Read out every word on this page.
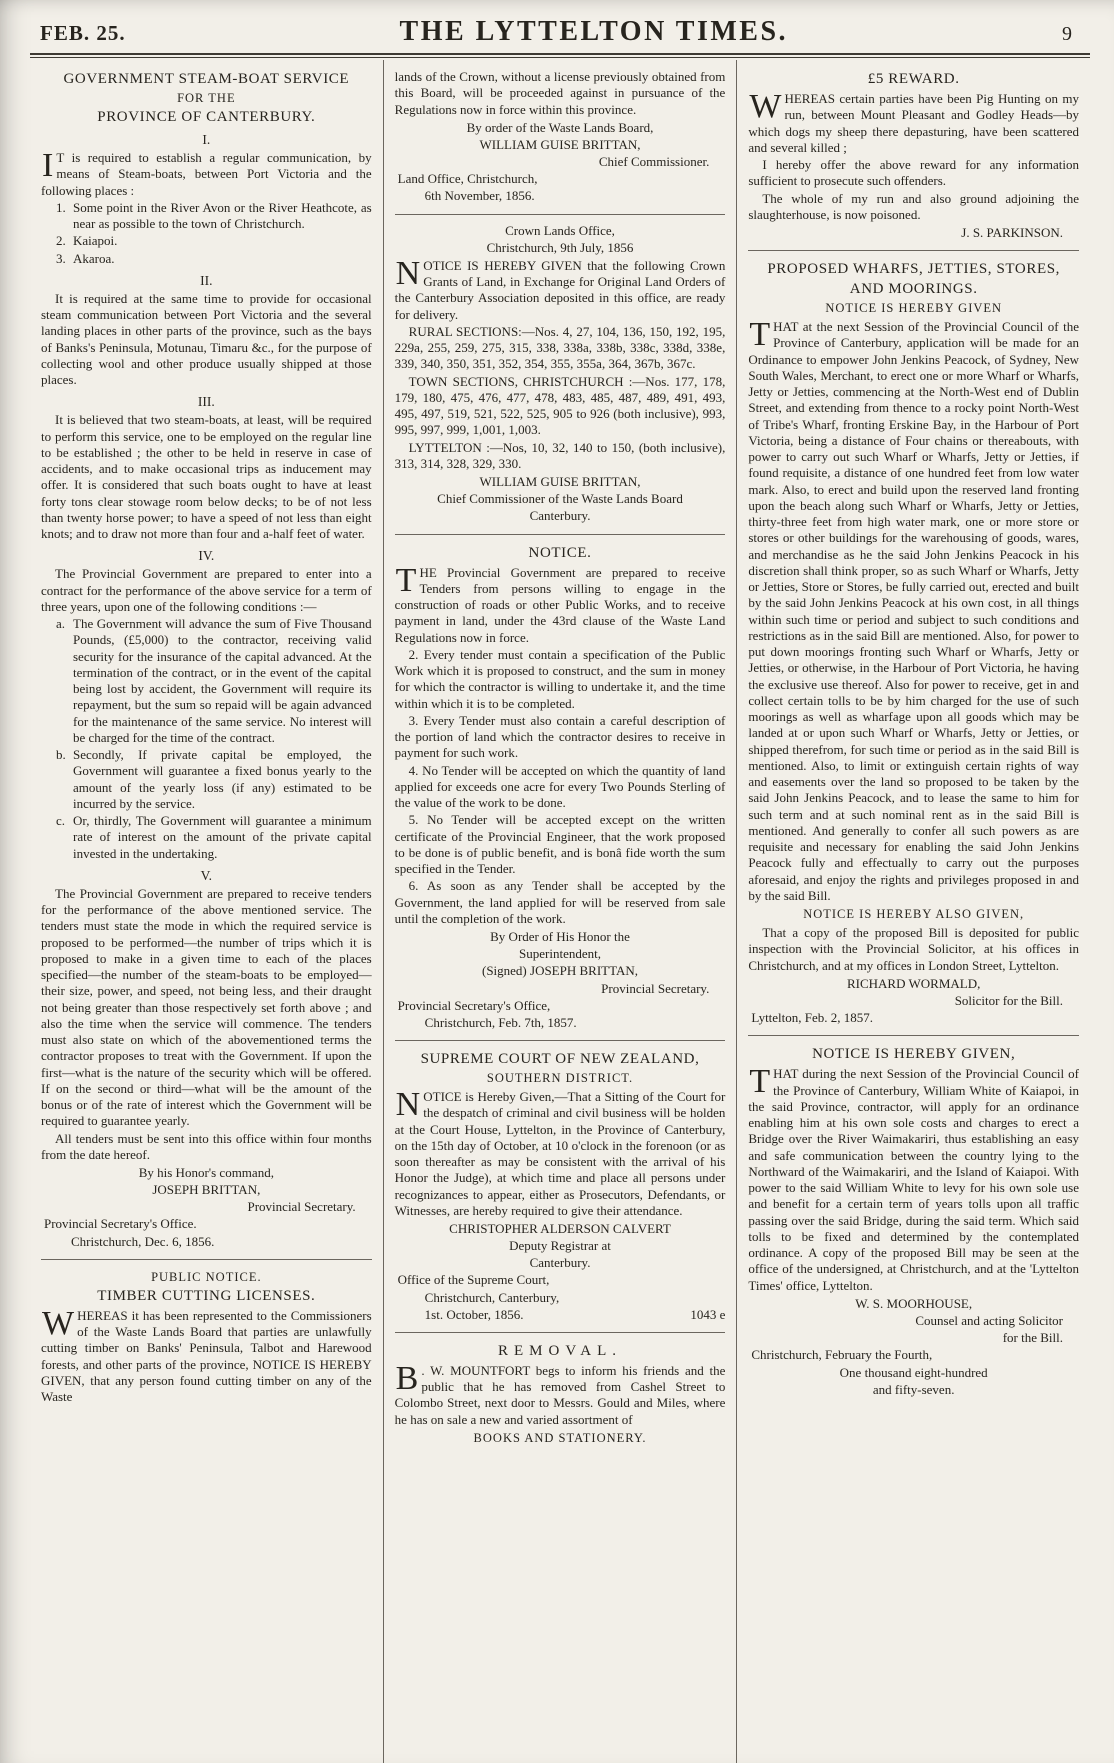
FEB. 25.	THE LYTTELTON TIMES.	9
GOVERNMENT STEAM-BOAT SERVICE
FOR THE
PROVINCE OF CANTERBURY.
I.

I T is required to establish a regular communication, by means of Steam-boats, between Port Victoria and the following places :

1. Some point in the River Avon or the River Heathcote, as near as possible to the town of Christchurch.
2. Kaiapoi.
3. Akaroa.
II.

It is required at the same time to provide for occasional steam communication between Port Victoria and the several landing places in other parts of the province, such as the bays of Banks's Peninsula, Motunau, Timaru &c., for the purpose of collecting wool and other produce usually shipped at those places.

III.

It is believed that two steam-boats, at least, will be required to perform this service, one to be employed on the regular line to be established ; the other to be held in reserve in case of accidents, and to make occasional trips as inducement may offer. It is considered that such boats ought to have at least forty tons clear stowage room below decks; to be of not less than twenty horse power; to have a speed of not less than eight knots; and to draw not more than four and a-half feet of water.

IV.

The Provincial Government are prepared to enter into a contract for the performance of the above service for a term of three years, upon one of the following conditions :—

a. The Government will advance the sum of Five Thousand Pounds, (£5,000) to the contractor, receiving valid security for the insurance of the capital advanced. At the termination of the contract, or in the event of the capital being lost by accident, the Government will require its repayment, but the sum so repaid will be again advanced for the maintenance of the same service. No interest will be charged for the time of the contract.
b. Secondly, If private capital be employed, the Government will guarantee a fixed bonus yearly to the amount of the yearly loss (if any) estimated to be incurred by the service.
c. Or, thirdly, The Government will guarantee a minimum rate of interest on the amount of the private capital invested in the undertaking.
V.

The Provincial Government are prepared to receive tenders for the performance of the above mentioned service. The tenders must state the mode in which the required service is proposed to be performed—the number of trips which it is proposed to make in a given time to each of the places specified—the number of the steam-boats to be employed—their size, power, and speed, not being less, and their draught not being greater than those respectively set forth above ; and also the time when the service will commence. The tenders must also state on which of the abovementioned terms the contractor proposes to treat with the Government. If upon the first—what is the nature of the security which will be offered. If on the second or third—what will be the amount of the bonus or of the rate of interest which the Government will be required to guarantee yearly.

All tenders must be sent into this office within four months from the date hereof.

By his Honor's command,
JOSEPH BRITTAN,
Provincial Secretary.
Provincial Secretary's Office.
Christchurch, Dec. 6, 1856.
PUBLIC NOTICE.
TIMBER CUTTING LICENSES.

WHEREAS it has been represented to the Commissioners of the Waste Lands Board that parties are unlawfully cutting timber on Banks' Peninsula, Talbot and Harewood forests, and other parts of the province, NOTICE IS HEREBY GIVEN, that any person found cutting timber on any of the Waste

lands of the Crown, without a license previously obtained from this Board, will be proceeded against in pursuance of the Regulations now in force within this province.

By order of the Waste Lands Board,
WILLIAM GUISE BRITTAN,
Chief Commissioner.
Land Office, Christchurch,
6th November, 1856.
Crown Lands Office,
Christchurch, 9th July, 1856

NOTICE IS HEREBY GIVEN that the following Crown Grants of Land, in Exchange for Original Land Orders of the Canterbury Association deposited in this office, are ready for delivery.

RURAL SECTIONS:—Nos. 4, 27, 104, 136, 150, 192, 195, 229a, 255, 259, 275, 315, 338, 338a, 338b, 338c, 338d, 338e, 339, 340, 350, 351, 352, 354, 355, 355a, 364, 367b, 367c.

TOWN SECTIONS, CHRISTCHURCH :—Nos. 177, 178, 179, 180, 475, 476, 477, 478, 483, 485, 487, 489, 491, 493, 495, 497, 519, 521, 522, 525, 905 to 926 (both inclusive), 993, 995, 997, 999, 1,001, 1,003.

LYTTELTON :—Nos, 10, 32, 140 to 150, (both inclusive), 313, 314, 328, 329, 330.

WILLIAM GUISE BRITTAN,
Chief Commissioner of the Waste Lands Board
Canterbury.
NOTICE.

THE Provincial Government are prepared to receive Tenders from persons willing to engage in the construction of roads or other Public Works, and to receive payment in land, under the 43rd clause of the Waste Land Regulations now in force.

2. Every tender must contain a specification of the Public Work which it is proposed to construct, and the sum in money for which the contractor is willing to undertake it, and the time within which it is to be completed.

3. Every Tender must also contain a careful description of the portion of land which the contractor desires to receive in payment for such work.

4. No Tender will be accepted on which the quantity of land applied for exceeds one acre for every Two Pounds Sterling of the value of the work to be done.

5. No Tender will be accepted except on the written certificate of the Provincial Engineer, that the work proposed to be done is of public benefit, and is bonâ fide worth the sum specified in the Tender.

6. As soon as any Tender shall be accepted by the Government, the land applied for will be reserved from sale until the completion of the work.

By Order of His Honor the
Superintendent,
(Signed) JOSEPH BRITTAN,
Provincial Secretary.
Provincial Secretary's Office,
Christchurch, Feb. 7th, 1857.
SUPREME COURT OF NEW ZEALAND,
SOUTHERN DISTRICT.

NOTICE is Hereby Given,—That a Sitting of the Court for the despatch of criminal and civil business will be holden at the Court House, Lyttelton, in the Province of Canterbury, on the 15th day of October, at 10 o'clock in the forenoon (or as soon thereafter as may be consistent with the arrival of his Honor the Judge), at which time and place all persons under recognizances to appear, either as Prosecutors, Defendants, or Witnesses, are hereby required to give their attendance.

CHRISTOPHER ALDERSON CALVERT
Deputy Registrar at
Canterbury.
Office of the Supreme Court,
Christchurch, Canterbury,
1st. October, 1856.	1043 e
REMOVAL.

B . W. MOUNTFORT begs to inform his friends and the public that he has removed from Cashel Street to Colombo Street, next door to Messrs. Gould and Miles, where he has on sale a new and varied assortment of

BOOKS AND STATIONERY.
£5 REWARD.

WHEREAS certain parties have been Pig Hunting on my run, between Mount Pleasant and Godley Heads—by which dogs my sheep there depasturing, have been scattered and several killed ;

I hereby offer the above reward for any information sufficient to prosecute such offenders.

The whole of my run and also ground adjoining the slaughterhouse, is now poisoned.

J. S. PARKINSON.
PROPOSED WHARFS, JETTIES, STORES,
AND MOORINGS.
NOTICE IS HEREBY GIVEN

THAT at the next Session of the Provincial Council of the Province of Canterbury, application will be made for an Ordinance to empower John Jenkins Peacock, of Sydney, New South Wales, Merchant, to erect one or more Wharf or Wharfs, Jetty or Jetties, commencing at the North-West end of Dublin Street, and extending from thence to a rocky point North-West of Tribe's Wharf, fronting Erskine Bay, in the Harbour of Port Victoria, being a distance of Four chains or thereabouts, with power to carry out such Wharf or Wharfs, Jetty or Jetties, if found requisite, a distance of one hundred feet from low water mark. Also, to erect and build upon the reserved land fronting upon the beach along such Wharf or Wharfs, Jetty or Jetties, thirty-three feet from high water mark, one or more store or stores or other buildings for the warehousing of goods, wares, and merchandise as he the said John Jenkins Peacock in his discretion shall think proper, so as such Wharf or Wharfs, Jetty or Jetties, Store or Stores, be fully carried out, erected and built by the said John Jenkins Peacock at his own cost, in all things within such time or period and subject to such conditions and restrictions as in the said Bill are mentioned. Also, for power to put down moorings fronting such Wharf or Wharfs, Jetty or Jetties, or otherwise, in the Harbour of Port Victoria, he having the exclusive use thereof. Also for power to receive, get in and collect certain tolls to be by him charged for the use of such moorings as well as wharfage upon all goods which may be landed at or upon such Wharf or Wharfs, Jetty or Jetties, or shipped therefrom, for such time or period as in the said Bill is mentioned. Also, to limit or extinguish certain rights of way and easements over the land so proposed to be taken by the said John Jenkins Peacock, and to lease the same to him for such term and at such nominal rent as in the said Bill is mentioned. And generally to confer all such powers as are requisite and necessary for enabling the said John Jenkins Peacock fully and effectually to carry out the purposes aforesaid, and enjoy the rights and privileges proposed in and by the said Bill.

NOTICE IS HEREBY ALSO GIVEN,

That a copy of the proposed Bill is deposited for public inspection with the Provincial Solicitor, at his offices in Christchurch, and at my offices in London Street, Lyttelton.

RICHARD WORMALD,
Solicitor for the Bill.
Lyttelton, Feb. 2, 1857.
NOTICE IS HEREBY GIVEN,

THAT during the next Session of the Provincial Council of the Province of Canterbury, William White of Kaiapoi, in the said Province, contractor, will apply for an ordinance enabling him at his own sole costs and charges to erect a Bridge over the River Waimakariri, thus establishing an easy and safe communication between the country lying to the Northward of the Waimakariri, and the Island of Kaiapoi. With power to the said William White to levy for his own sole use and benefit for a certain term of years tolls upon all traffic passing over the said Bridge, during the said term. Which said tolls to be fixed and determined by the contemplated ordinance. A copy of the proposed Bill may be seen at the office of the undersigned, at Christchurch, and at the 'Lyttelton Times' office, Lyttelton.

W. S. MOORHOUSE,
Counsel and acting Solicitor
for the Bill.
Christchurch, February the Fourth,
One thousand eight-hundred
and fifty-seven.
